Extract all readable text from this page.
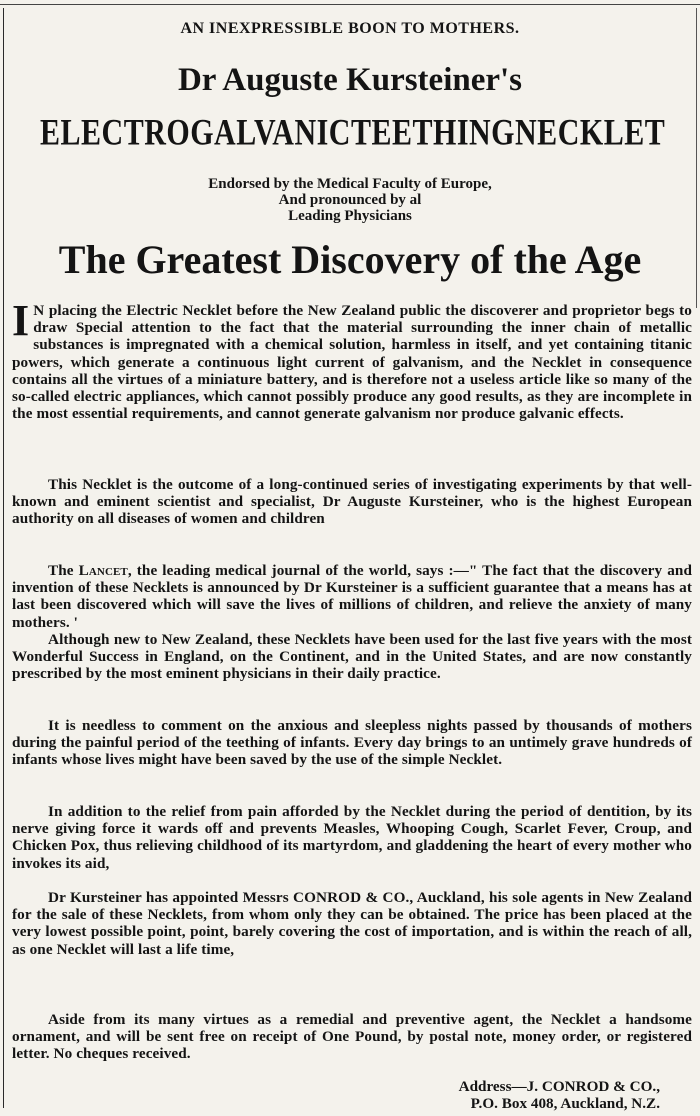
AN INEXPRESSIBLE BOON TO MOTHERS.
Dr Auguste Kursteiner's
ELECTRO GALVANIC TEETHING NECKLET
Endorsed by the Medical Faculty of Europe,
And pronounced by al
Leading Physicians
The Greatest Discovery of the Age
I N placing the Electric Necklet before the New Zealand public the discoverer and proprietor begs to draw Special attention to the fact that the material surrounding the inner chain of metallic substances is impregnated with a chemical solution, harmless in itself, and yet containing titanic powers, which generate a continuous light current of galvanism, and the Necklet in consequence contains all the virtues of a miniature battery, and is therefore not a useless article like so many of the so-called electric appliances, which cannot possibly produce any good results, as they are incomplete in the most essential requirements, and cannot generate galvanism nor produce galvanic effects.
This Necklet is the outcome of a long-continued series of investigating experiments by that well-known and eminent scientist and specialist, Dr Auguste Kursteiner, who is the highest European authority on all diseases of women and children
The Lancet, the leading medical journal of the world, says :—" The fact that the discovery and invention of these Necklets is announced by Dr Kursteiner is a sufficient guarantee that a means has at last been discovered which will save the lives of millions of children, and relieve the anxiety of many mothers. '
Although new to New Zealand, these Necklets have been used for the last five years with the most Wonderful Success in England, on the Continent, and in the United States, and are now constantly prescribed by the most eminent physicians in their daily practice.
It is needless to comment on the anxious and sleepless nights passed by thousands of mothers during the painful period of the teething of infants. Every day brings to an untimely grave hundreds of infants whose lives might have been saved by the use of the simple Necklet.
In addition to the relief from pain afforded by the Necklet during the period of dentition, by its nerve giving force it wards off and prevents Measles, Whooping Cough, Scarlet Fever, Croup, and Chicken Pox, thus relieving childhood of its martyrdom, and gladdening the heart of every mother who invokes its aid,
Dr Kursteiner has appointed Messrs CONROD & CO., Auckland, his sole agents in New Zealand for the sale of these Necklets, from whom only they can be obtained. The price has been placed at the very lowest possible point, point, barely covering the cost of importation, and is within the reach of all, as one Necklet will last a life time,
Aside from its many virtues as a remedial and preventive agent, the Necklet a handsome ornament, and will be sent free on receipt of One Pound, by postal note, money order, or registered letter. No cheques received.
Address—J. CONROD & CO.,
P.O. Box 408, Auckland, N.Z.
